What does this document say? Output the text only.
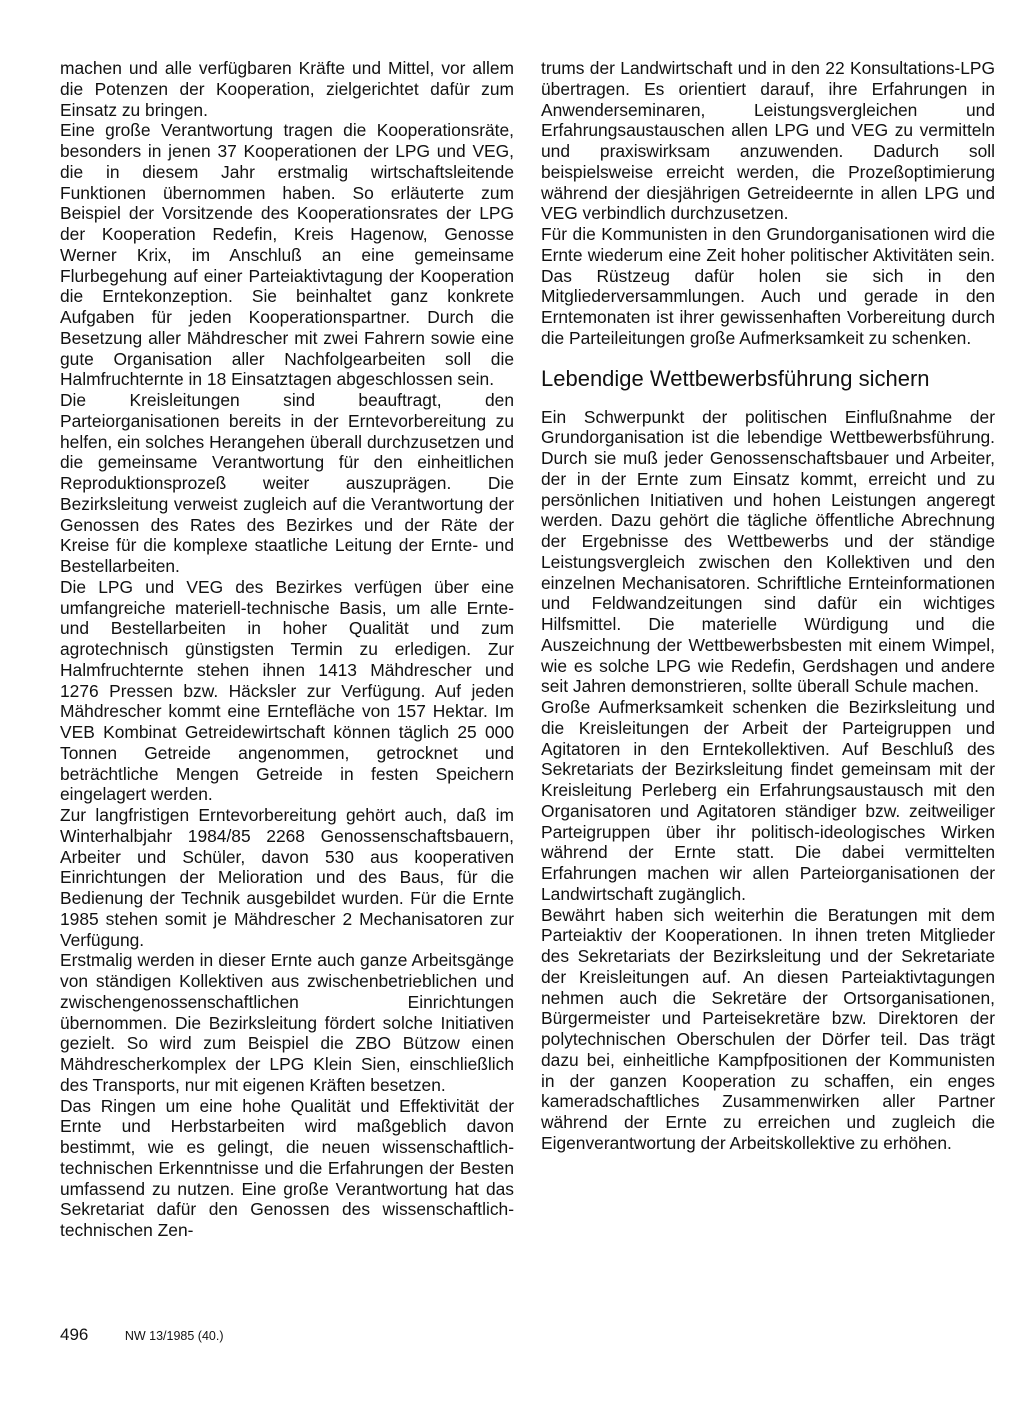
machen und alle verfügbaren Kräfte und Mittel, vor allem die Potenzen der Kooperation, zielgerichtet dafür zum Einsatz zu bringen.

Eine große Verantwortung tragen die Kooperationsräte, besonders in jenen 37 Kooperationen der LPG und VEG, die in diesem Jahr erstmalig wirtschaftsleitende Funktionen übernommen haben. So erläuterte zum Beispiel der Vorsitzende des Kooperationsrates der LPG der Kooperation Redefin, Kreis Hagenow, Genosse Werner Krix, im Anschluß an eine gemeinsame Flurbegehung auf einer Parteiaktivtagung der Kooperation die Erntekonzeption. Sie beinhaltet ganz konkrete Aufgaben für jeden Kooperationspartner. Durch die Besetzung aller Mähdrescher mit zwei Fahrern sowie eine gute Organisation aller Nachfolgearbeiten soll die Halmfruchternte in 18 Einsatztagen abgeschlossen sein.

Die Kreisleitungen sind beauftragt, den Parteiorganisationen bereits in der Erntevorbereitung zu helfen, ein solches Herangehen überall durchzusetzen und die gemeinsame Verantwortung für den einheitlichen Reproduktionsprozeß weiter auszuprägen. Die Bezirksleitung verweist zugleich auf die Verantwortung der Genossen des Rates des Bezirkes und der Räte der Kreise für die komplexe staatliche Leitung der Ernte- und Bestellarbeiten.

Die LPG und VEG des Bezirkes verfügen über eine umfangreiche materiell-technische Basis, um alle Ernte- und Bestellarbeiten in hoher Qualität und zum agrotechnisch günstigsten Termin zu erledigen. Zur Halmfruchternte stehen ihnen 1413 Mähdrescher und 1276 Pressen bzw. Häcksler zur Verfügung. Auf jeden Mähdrescher kommt eine Erntefläche von 157 Hektar. Im VEB Kombinat Getreidewirtschaft können täglich 25 000 Tonnen Getreide angenommen, getrocknet und beträchtliche Mengen Getreide in festen Speichern eingelagert werden.

Zur langfristigen Erntevorbereitung gehört auch, daß im Winterhalbjahr 1984/85 2268 Genossenschaftsbauern, Arbeiter und Schüler, davon 530 aus kooperativen Einrichtungen der Melioration und des Baus, für die Bedienung der Technik ausgebildet wurden. Für die Ernte 1985 stehen somit je Mähdrescher 2 Mechanisatoren zur Verfügung.

Erstmalig werden in dieser Ernte auch ganze Arbeitsgänge von ständigen Kollektiven aus zwischenbetrieblichen und zwischengenossenschaftlichen Einrichtungen übernommen. Die Bezirksleitung fördert solche Initiativen gezielt. So wird zum Beispiel die ZBO Bützow einen Mähdrescherkomplex der LPG Klein Sien, einschließlich des Transports, nur mit eigenen Kräften besetzen.

Das Ringen um eine hohe Qualität und Effektivität der Ernte und Herbstarbeiten wird maßgeblich davon bestimmt, wie es gelingt, die neuen wissenschaftlich-technischen Erkenntnisse und die Erfahrungen der Besten umfassend zu nutzen. Eine große Verantwortung hat das Sekretariat dafür den Genossen des wissenschaftlich-technischen Zen-

trums der Landwirtschaft und in den 22 Konsultations-LPG übertragen. Es orientiert darauf, ihre Erfahrungen in Anwenderseminaren, Leistungsvergleichen und Erfahrungsaustauschen allen LPG und VEG zu vermitteln und praxiswirksam anzuwenden. Dadurch soll beispielsweise erreicht werden, die Prozeßoptimierung während der diesjährigen Getreideernte in allen LPG und VEG verbindlich durchzusetzen.

Für die Kommunisten in den Grundorganisationen wird die Ernte wiederum eine Zeit hoher politischer Aktivitäten sein. Das Rüstzeug dafür holen sie sich in den Mitgliederversammlungen. Auch und gerade in den Erntemonaten ist ihrer gewissenhaften Vorbereitung durch die Parteileitungen große Aufmerksamkeit zu schenken.

Lebendige Wettbewerbsführung sichern

Ein Schwerpunkt der politischen Einflußnahme der Grundorganisation ist die lebendige Wettbewerbsführung. Durch sie muß jeder Genossenschaftsbauer und Arbeiter, der in der Ernte zum Einsatz kommt, erreicht und zu persönlichen Initiativen und hohen Leistungen angeregt werden. Dazu gehört die tägliche öffentliche Abrechnung der Ergebnisse des Wettbewerbs und der ständige Leistungsvergleich zwischen den Kollektiven und den einzelnen Mechanisatoren. Schriftliche Ernteinformationen und Feldwandzeitungen sind dafür ein wichtiges Hilfsmittel. Die materielle Würdigung und die Auszeichnung der Wettbewerbsbesten mit einem Wimpel, wie es solche LPG wie Redefin, Gerdshagen und andere seit Jahren demonstrieren, sollte überall Schule machen.

Große Aufmerksamkeit schenken die Bezirksleitung und die Kreisleitungen der Arbeit der Parteigruppen und Agitatoren in den Erntekollektiven. Auf Beschluß des Sekretariats der Bezirksleitung findet gemeinsam mit der Kreisleitung Perleberg ein Erfahrungsaustausch mit den Organisatoren und Agitatoren ständiger bzw. zeitweiliger Parteigruppen über ihr politisch-ideologisches Wirken während der Ernte statt. Die dabei vermittelten Erfahrungen machen wir allen Parteiorganisationen der Landwirtschaft zugänglich.

Bewährt haben sich weiterhin die Beratungen mit dem Parteiaktiv der Kooperationen. In ihnen treten Mitglieder des Sekretariats der Bezirksleitung und der Sekretariate der Kreisleitungen auf. An diesen Parteiaktivtagungen nehmen auch die Sekretäre der Ortsorganisationen, Bürgermeister und Parteisekretäre bzw. Direktoren der polytechnischen Oberschulen der Dörfer teil. Das trägt dazu bei, einheitliche Kampfpositionen der Kommunisten in der ganzen Kooperation zu schaffen, ein enges kameradschaftliches Zusammenwirken aller Partner während der Ernte zu erreichen und zugleich die Eigenverantwortung der Arbeitskollektive zu erhöhen.

496	NW 13/1985 (40.)
